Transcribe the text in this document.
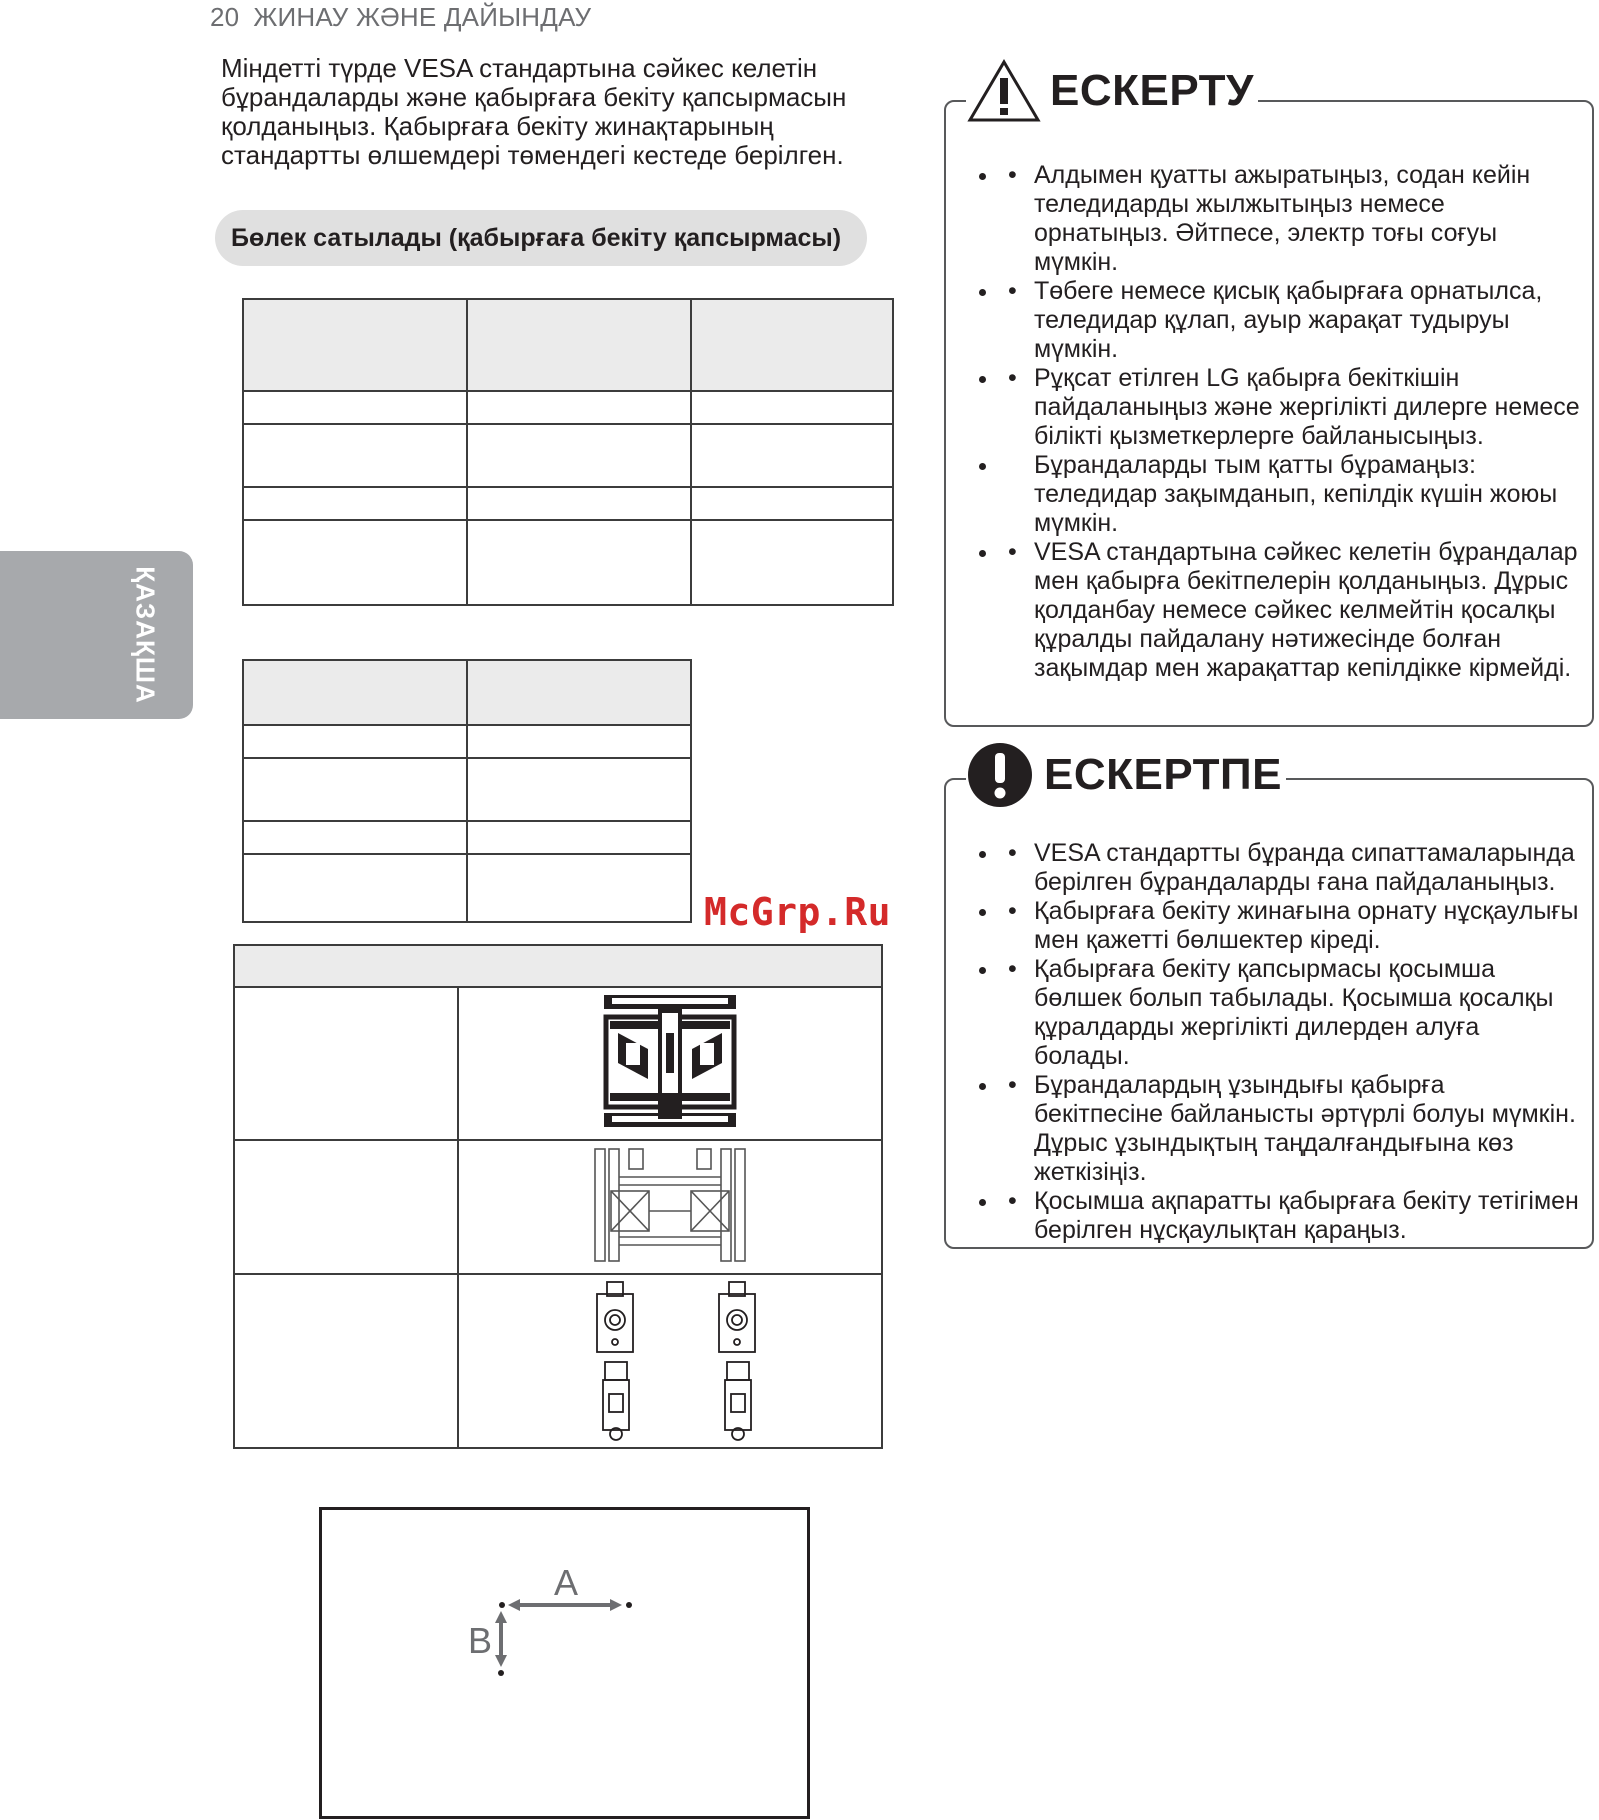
20 ЖИНАУ ЖӘНЕ ДАЙЫНДАУ
Міндетті түрде VESA стандартына сәйкес келетін бұрандаларды және қабырғаға бекіту қапсырмасын қолданыңыз. Қабырғаға бекіту жинақтарының стандартты өлшемдері төмендегі кестеде берілген.
Бөлек сатылады (қабырғаға бекіту қапсырмасы)
ҚАЗАҚША

McGrp.Ru

ЕСКЕРТУ
• • Алдымен қуатты ажыратыңыз, содан кейін теледидарды жылжытыңыз немесе орнатыңыз. Әйтпесе, электр тоғы соғуы мүмкін.
• • Төбеге немесе қисық қабырғаға орнатылса, теледидар құлап, ауыр жарақат тудыруы мүмкін.
• • Рұқсат етілген LG қабырға бекіткішін пайдаланыңыз және жергілікті дилерге немесе білікті қызметкерлерге байланысыңыз.
• Бұрандаларды тым қатты бұрамаңыз: теледидар зақымданып, кепілдік күшін жоюы мүмкін.
• • VESA стандартына сәйкес келетін бұрандалар мен қабырға бекітпелерін қолданыңыз. Дұрыс қолданбау немесе сәйкес келмейтін қосалқы құралды пайдалану нәтижесінде болған зақымдар мен жарақаттар кепілдікке кірмейді.
ЕСКЕРТПЕ
• • VESA стандартты бұранда сипаттамаларында берілген бұрандаларды ғана пайдаланыңыз.
• • Қабырғаға бекіту жинағына орнату нұсқаулығы мен қажетті бөлшектер кіреді.
• • Қабырғаға бекіту қапсырмасы қосымша бөлшек болып табылады. Қосымша қосалқы құралдарды жергілікті дилерден алуға болады.
• • Бұрандалардың ұзындығы қабырға бекітпесіне байланысты әртүрлі болуы мүмкін. Дұрыс ұзындықтың таңдалғандығына көз жеткізіңіз.
• • Қосымша ақпаратты қабырғаға бекіту тетігімен берілген нұсқаулықтан қараңыз.
A
B
